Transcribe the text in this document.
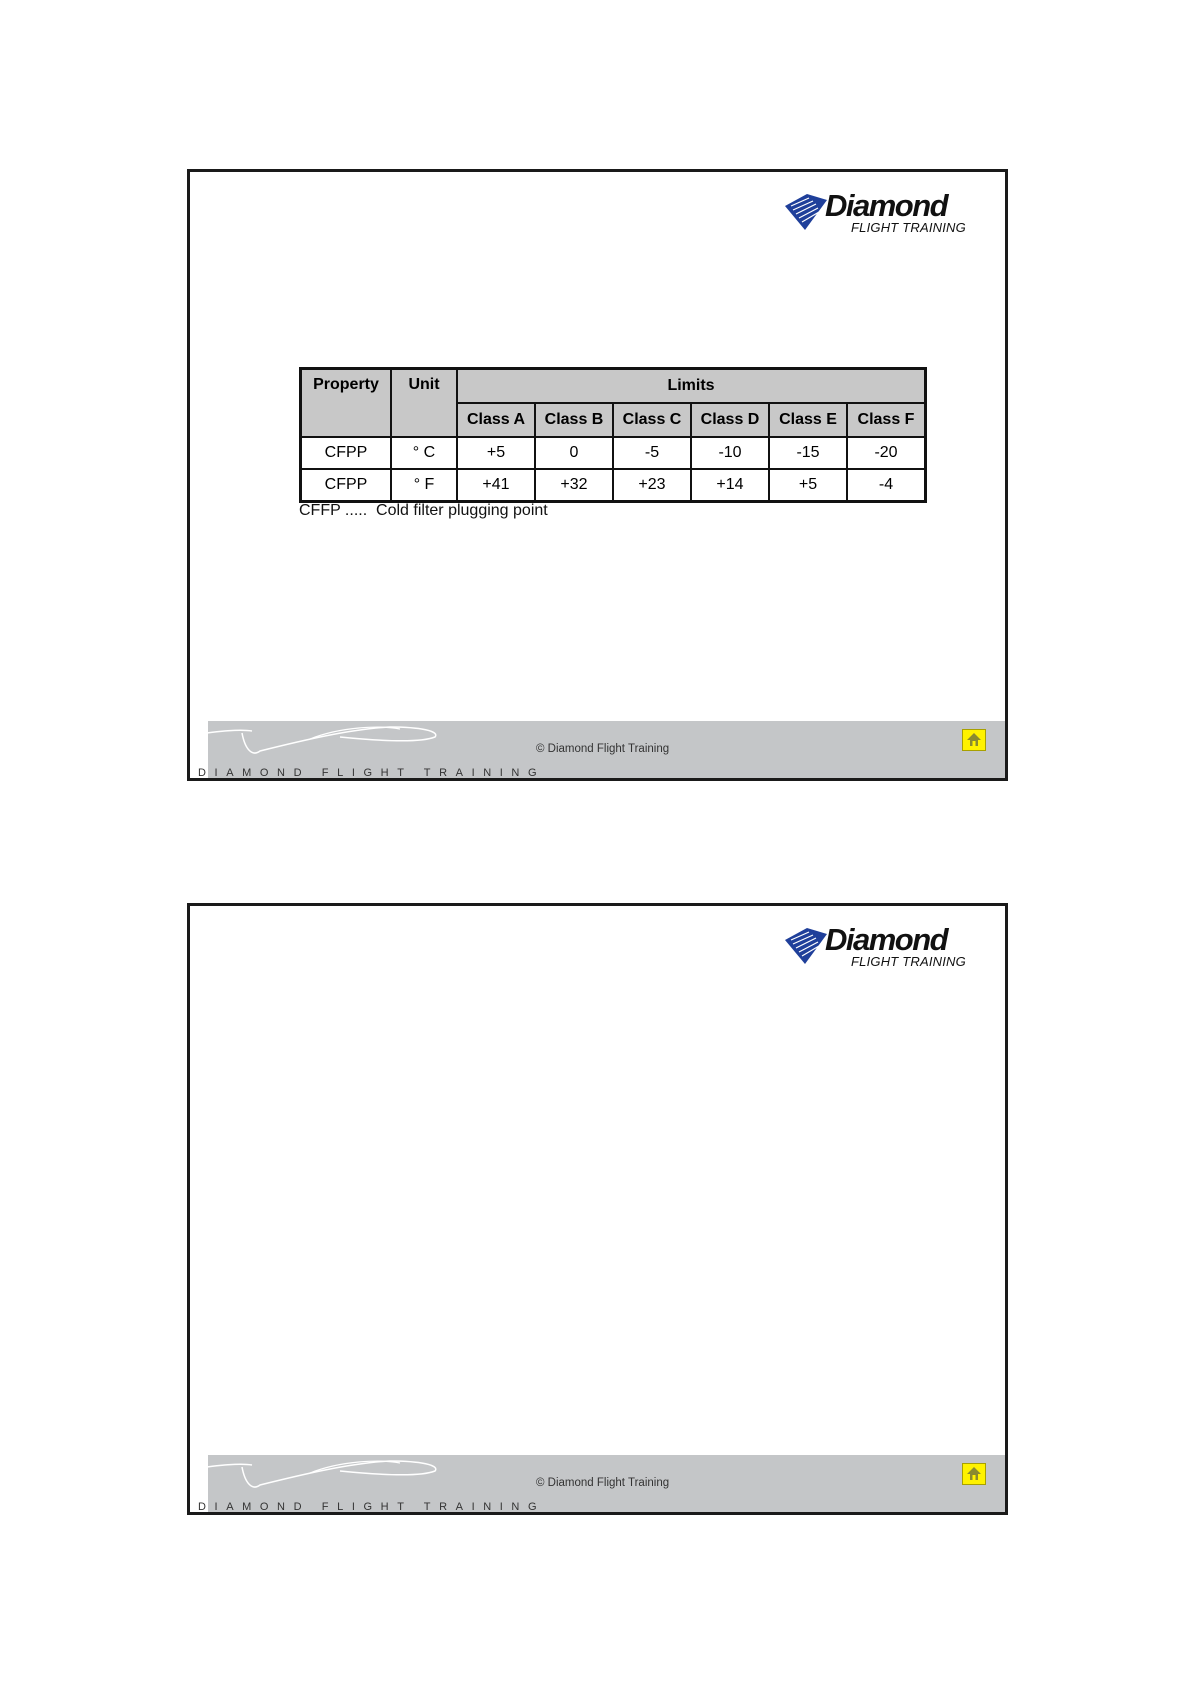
Diamond
FLIGHT TRAINING
Property	Unit	Limits					
		Class A	Class B	Class C	Class D	Class E	Class F
CFPP	° C	+5	0	-5	-10	-15	-20
CFPP	° F	+41	+32	+23	+14	+5	-4
CFFP .....  Cold filter plugging point
DIAMOND FLIGHT TRAINING
© Diamond Flight Training
Diamond
FLIGHT TRAINING
DIAMOND FLIGHT TRAINING
© Diamond Flight Training
